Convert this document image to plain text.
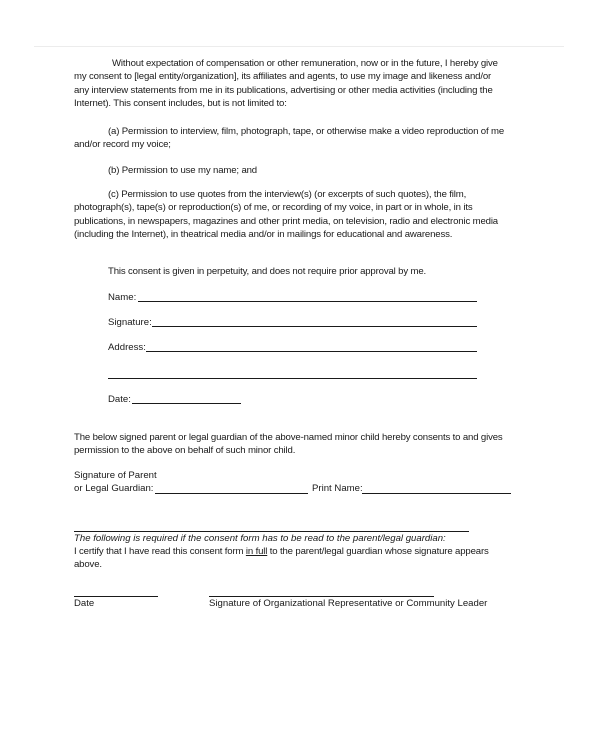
Without expectation of compensation or other remuneration, now or in the future, I hereby give
my consent to [legal entity/organization], its affiliates and agents, to use my image and likeness and/or
any interview statements from me in its publications, advertising or other media activities (including the
Internet). This consent includes, but is not limited to:
(a) Permission to interview, film, photograph, tape, or otherwise make a video reproduction of me
and/or record my voice;
(b) Permission to use my name; and
(c) Permission to use quotes from the interview(s) (or excerpts of such quotes), the film,
photograph(s), tape(s) or reproduction(s) of me, or recording of my voice, in part or in whole, in its
publications, in newspapers, magazines and other print media, on television, radio and electronic media
(including the Internet), in theatrical media and/or in mailings for educational and awareness.
This consent is given in perpetuity, and does not require prior approval by me.
Name:
Signature:
Address:
Date:
The below signed parent or legal guardian of the above-named minor child hereby consents to and gives
permission to the above on behalf of such minor child.
Signature of Parent
or Legal Guardian:	Print Name:
The following is required if the consent form has to be read to the parent/legal guardian:
I certify that I have read this consent form in full to the parent/legal guardian whose signature appears
above.
Date	Signature of Organizational Representative or Community Leader
